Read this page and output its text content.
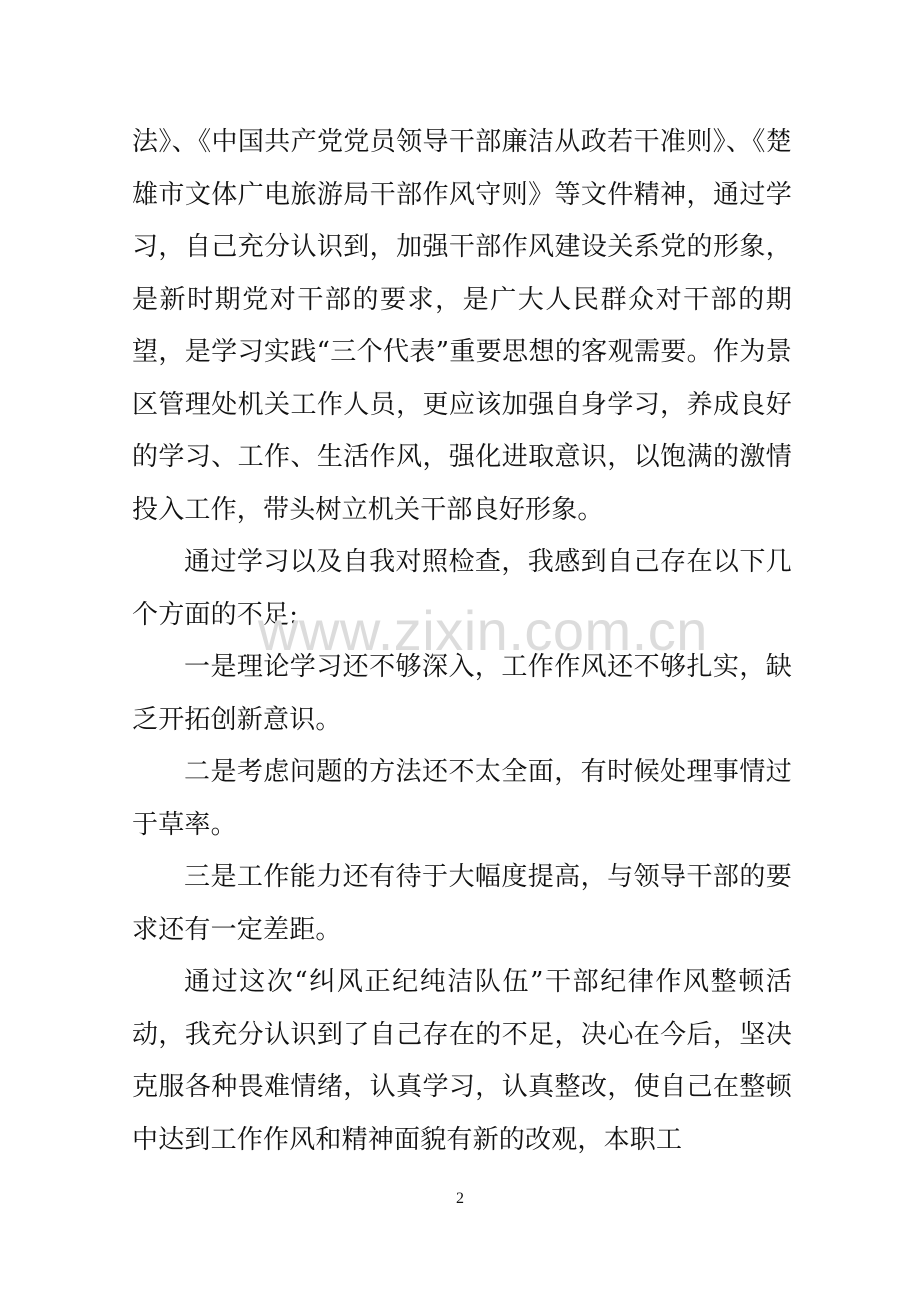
法》、《中国共产党党员领导干部廉洁从政若干准则》、《楚雄市文体广电旅游局干部作风守则》等文件精神，通过学习，自己充分认识到，加强干部作风建设关系党的形象，是新时期党对干部的要求，是广大人民群众对干部的期望，是学习实践“三个代表”重要思想的客观需要。作为景区管理处机关工作人员，更应该加强自身学习，养成良好的学习、工作、生活作风，强化进取意识，以饱满的激情投入工作，带头树立机关干部良好形象。

通过学习以及自我对照检查，我感到自己存在以下几个方面的不足:

一是理论学习还不够深入，工作作风还不够扎实，缺乏开拓创新意识。

二是考虑问题的方法还不太全面，有时候处理事情过于草率。

三是工作能力还有待于大幅度提高，与领导干部的要求还有一定差距。

通过这次“纠风正纪纯洁队伍”干部纪律作风整顿活动，我充分认识到了自己存在的不足，决心在今后，坚决克服各种畏难情绪，认真学习，认真整改，使自己在整顿中达到工作作风和精神面貌有新的改观，本职工

www.zixin.com.cn
2
